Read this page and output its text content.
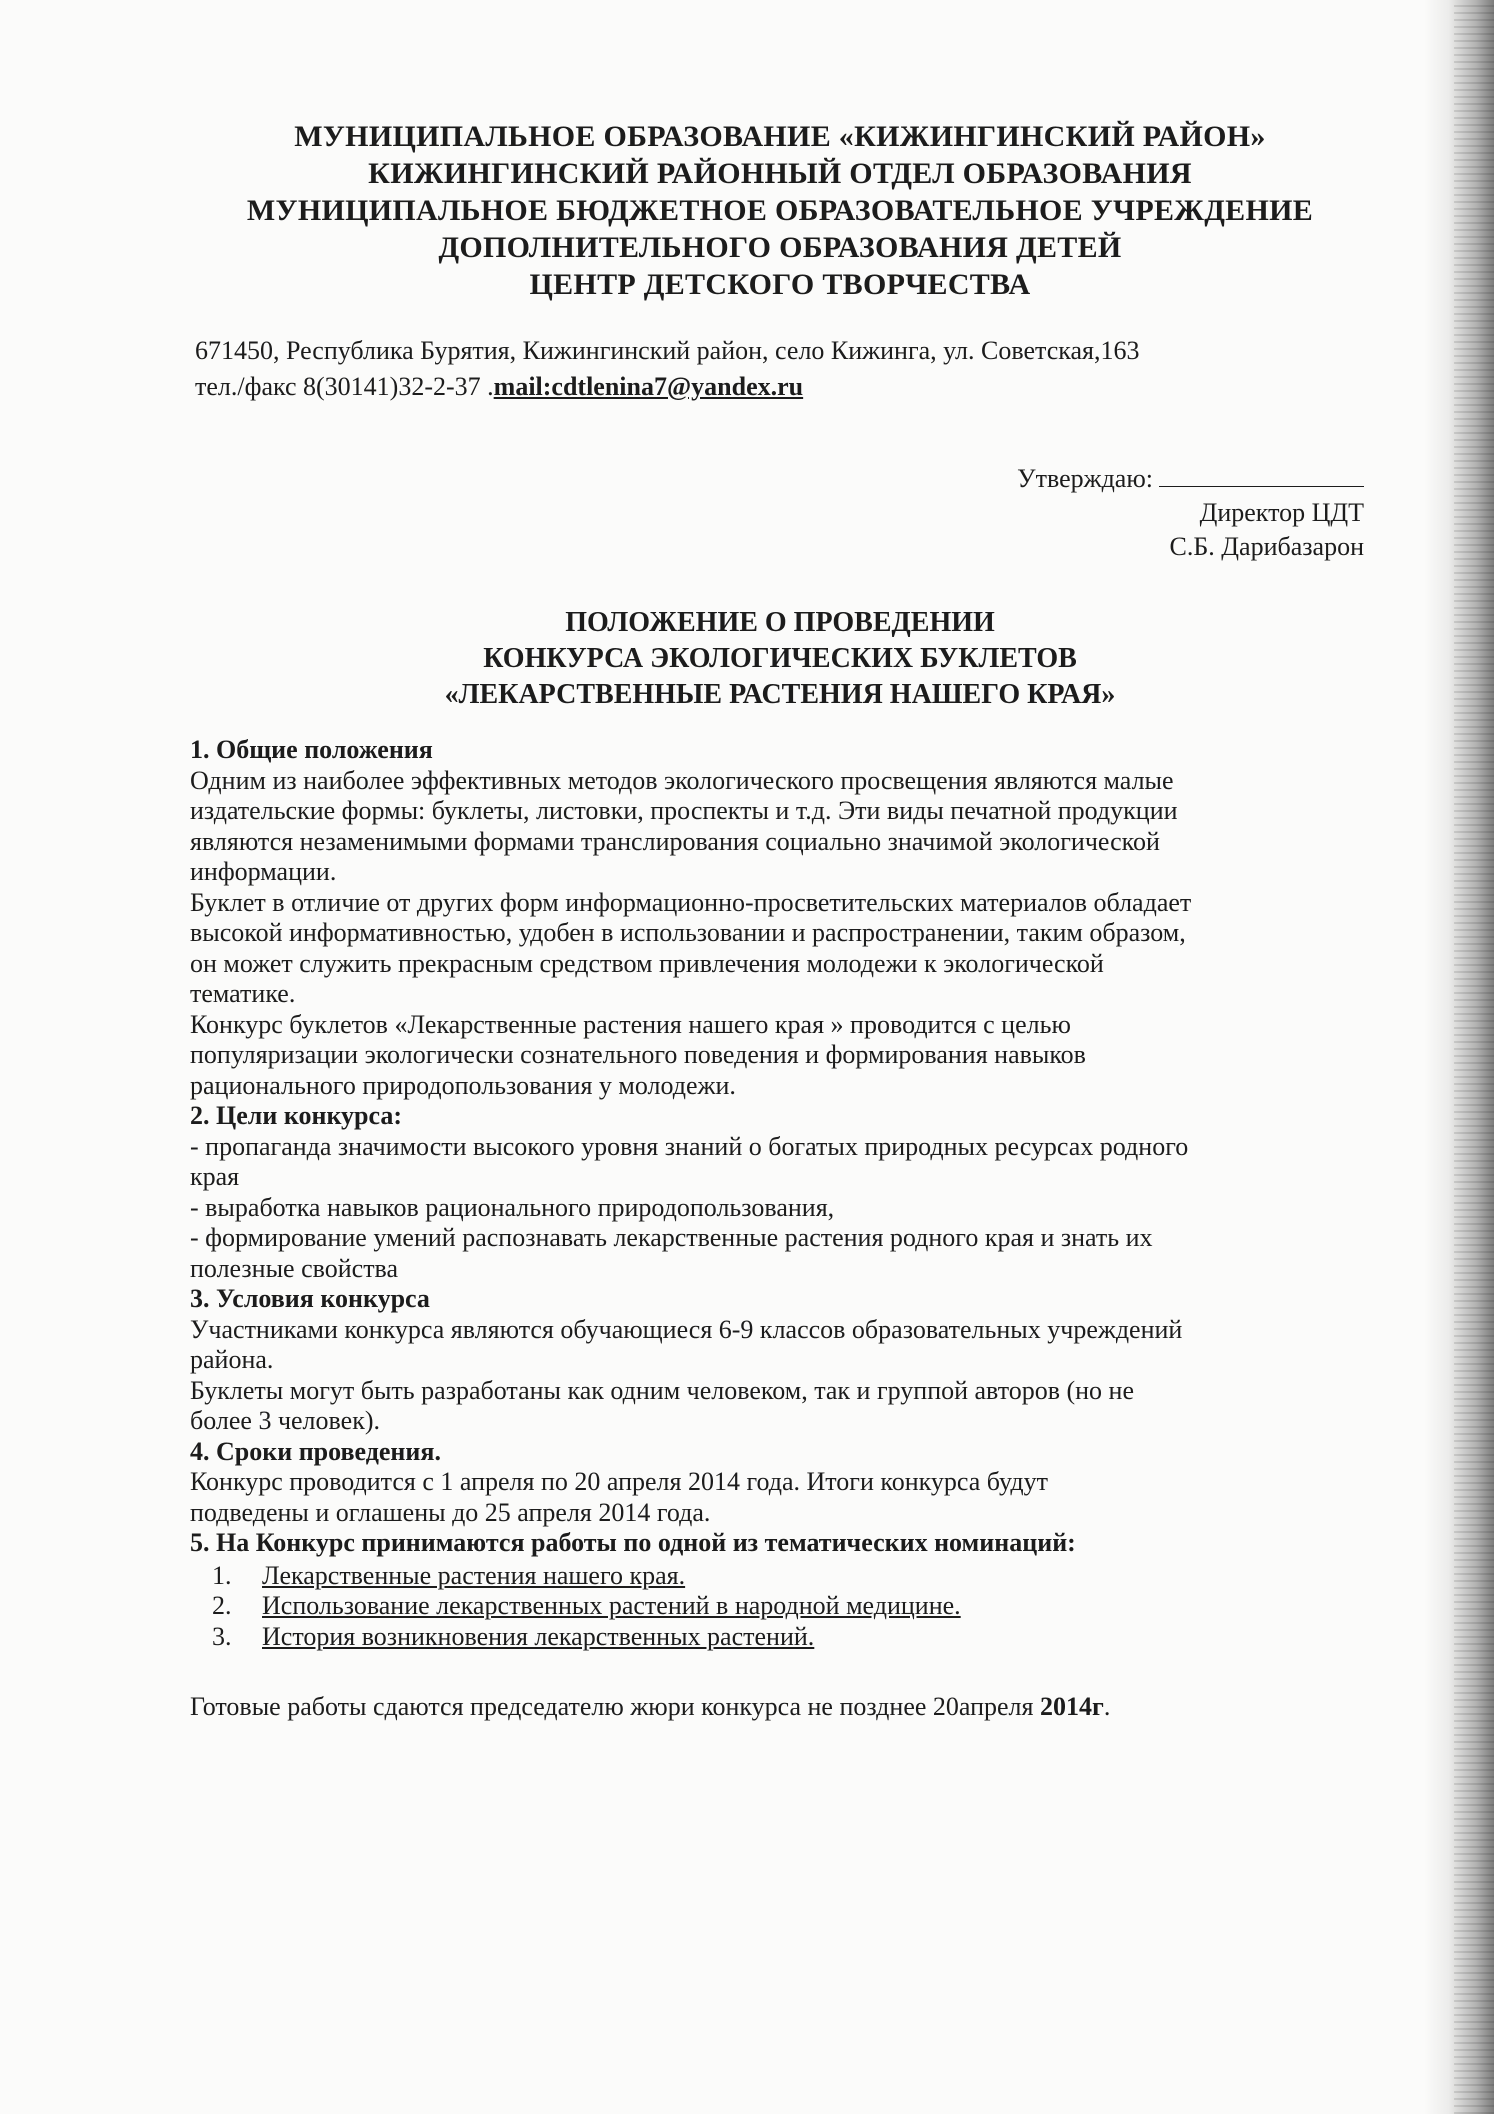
МУНИЦИПАЛЬНОЕ ОБРАЗОВАНИЕ «КИЖИНГИНСКИЙ РАЙОН»
КИЖИНГИНСКИЙ РАЙОННЫЙ ОТДЕЛ ОБРАЗОВАНИЯ
МУНИЦИПАЛЬНОЕ БЮДЖЕТНОЕ ОБРАЗОВАТЕЛЬНОЕ УЧРЕЖДЕНИЕ
ДОПОЛНИТЕЛЬНОГО ОБРАЗОВАНИЯ ДЕТЕЙ
ЦЕНТР ДЕТСКОГО ТВОРЧЕСТВА
671450, Республика Бурятия, Кижингинский район, село Кижинга, ул. Советская,163
тел./факс 8(30141)32-2-37 .mail:cdtlenina7@yandex.ru
Утверждаю:
Директор ЦДТ
С.Б. Дарибазарон
ПОЛОЖЕНИЕ О ПРОВЕДЕНИИ
КОНКУРСА ЭКОЛОГИЧЕСКИХ БУКЛЕТОВ
«ЛЕКАРСТВЕННЫЕ РАСТЕНИЯ НАШЕГО КРАЯ»
1. Общие положения
Одним из наиболее эффективных методов экологического просвещения являются малые
издательские формы: буклеты, листовки, проспекты и т.д. Эти виды печатной продукции
являются незаменимыми формами транслирования социально значимой экологической
информации.
Буклет в отличие от других форм информационно-просветительских материалов обладает
высокой информативностью, удобен в использовании и распространении, таким образом,
он может служить прекрасным средством привлечения молодежи к экологической
тематике.
Конкурс буклетов «Лекарственные растения нашего края » проводится с целью
популяризации экологически сознательного поведения и формирования навыков
рационального природопользования у молодежи.
2. Цели конкурса:
- пропаганда значимости высокого уровня знаний о богатых природных ресурсах родного
края
- выработка навыков рационального природопользования,
- формирование умений распознавать лекарственные растения родного края и знать их
полезные свойства
3. Условия конкурса
Участниками конкурса являются обучающиеся 6-9 классов образовательных учреждений
района.
Буклеты могут быть разработаны как одним человеком, так и группой авторов (но не
более 3 человек).
4. Сроки проведения.
Конкурс проводится с 1 апреля по 20 апреля 2014 года. Итоги конкурса будут
подведены и оглашены до 25 апреля 2014 года.
5. На Конкурс принимаются работы по одной из тематических номинаций:
1.	Лекарственные растения нашего края.
2.	Использование лекарственных растений в народной медицине.
3.	История возникновения лекарственных растений.
Готовые работы сдаются председателю жюри конкурса не позднее 20апреля 2014г.
